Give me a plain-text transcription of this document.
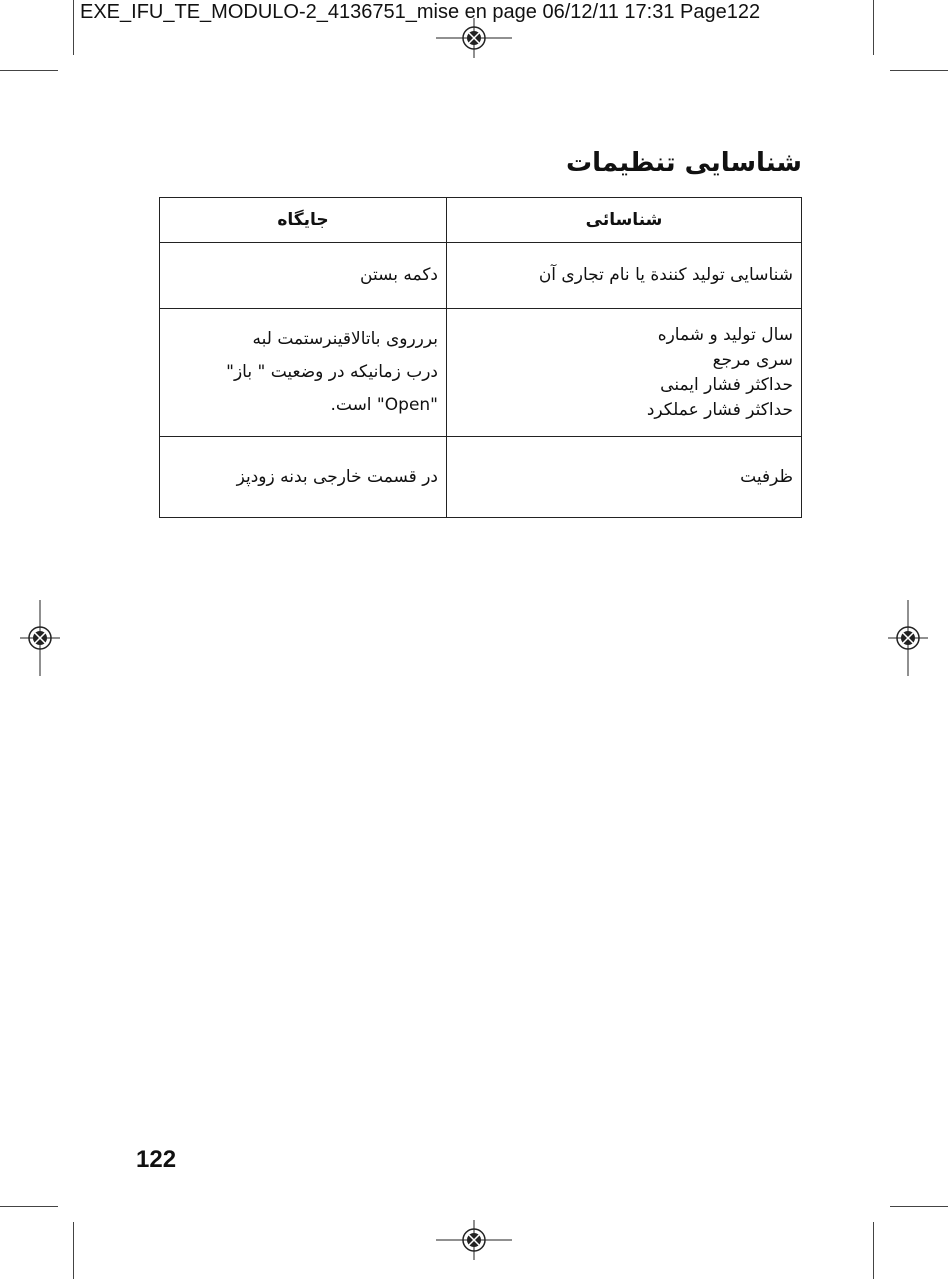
EXE_IFU_TE_MODULO-2_4136751_mise en page 06/12/11 17:31 Page122
شناسایی تنظیمات
شناسائی	جایگاه

شناسایی تولید کنندة یا نام تجاری آن	دکمه بستن

سال تولید و شماره
سری مرجع
حداکثر فشار ایمنی
حداکثر فشار عملکرد	بررروی باتالاقینرستمت لبه
درب زمانیکه در وضعیت " باز"
"Open" است.

ظرفیت	در قسمت خارجی بدنه زودپز
122
